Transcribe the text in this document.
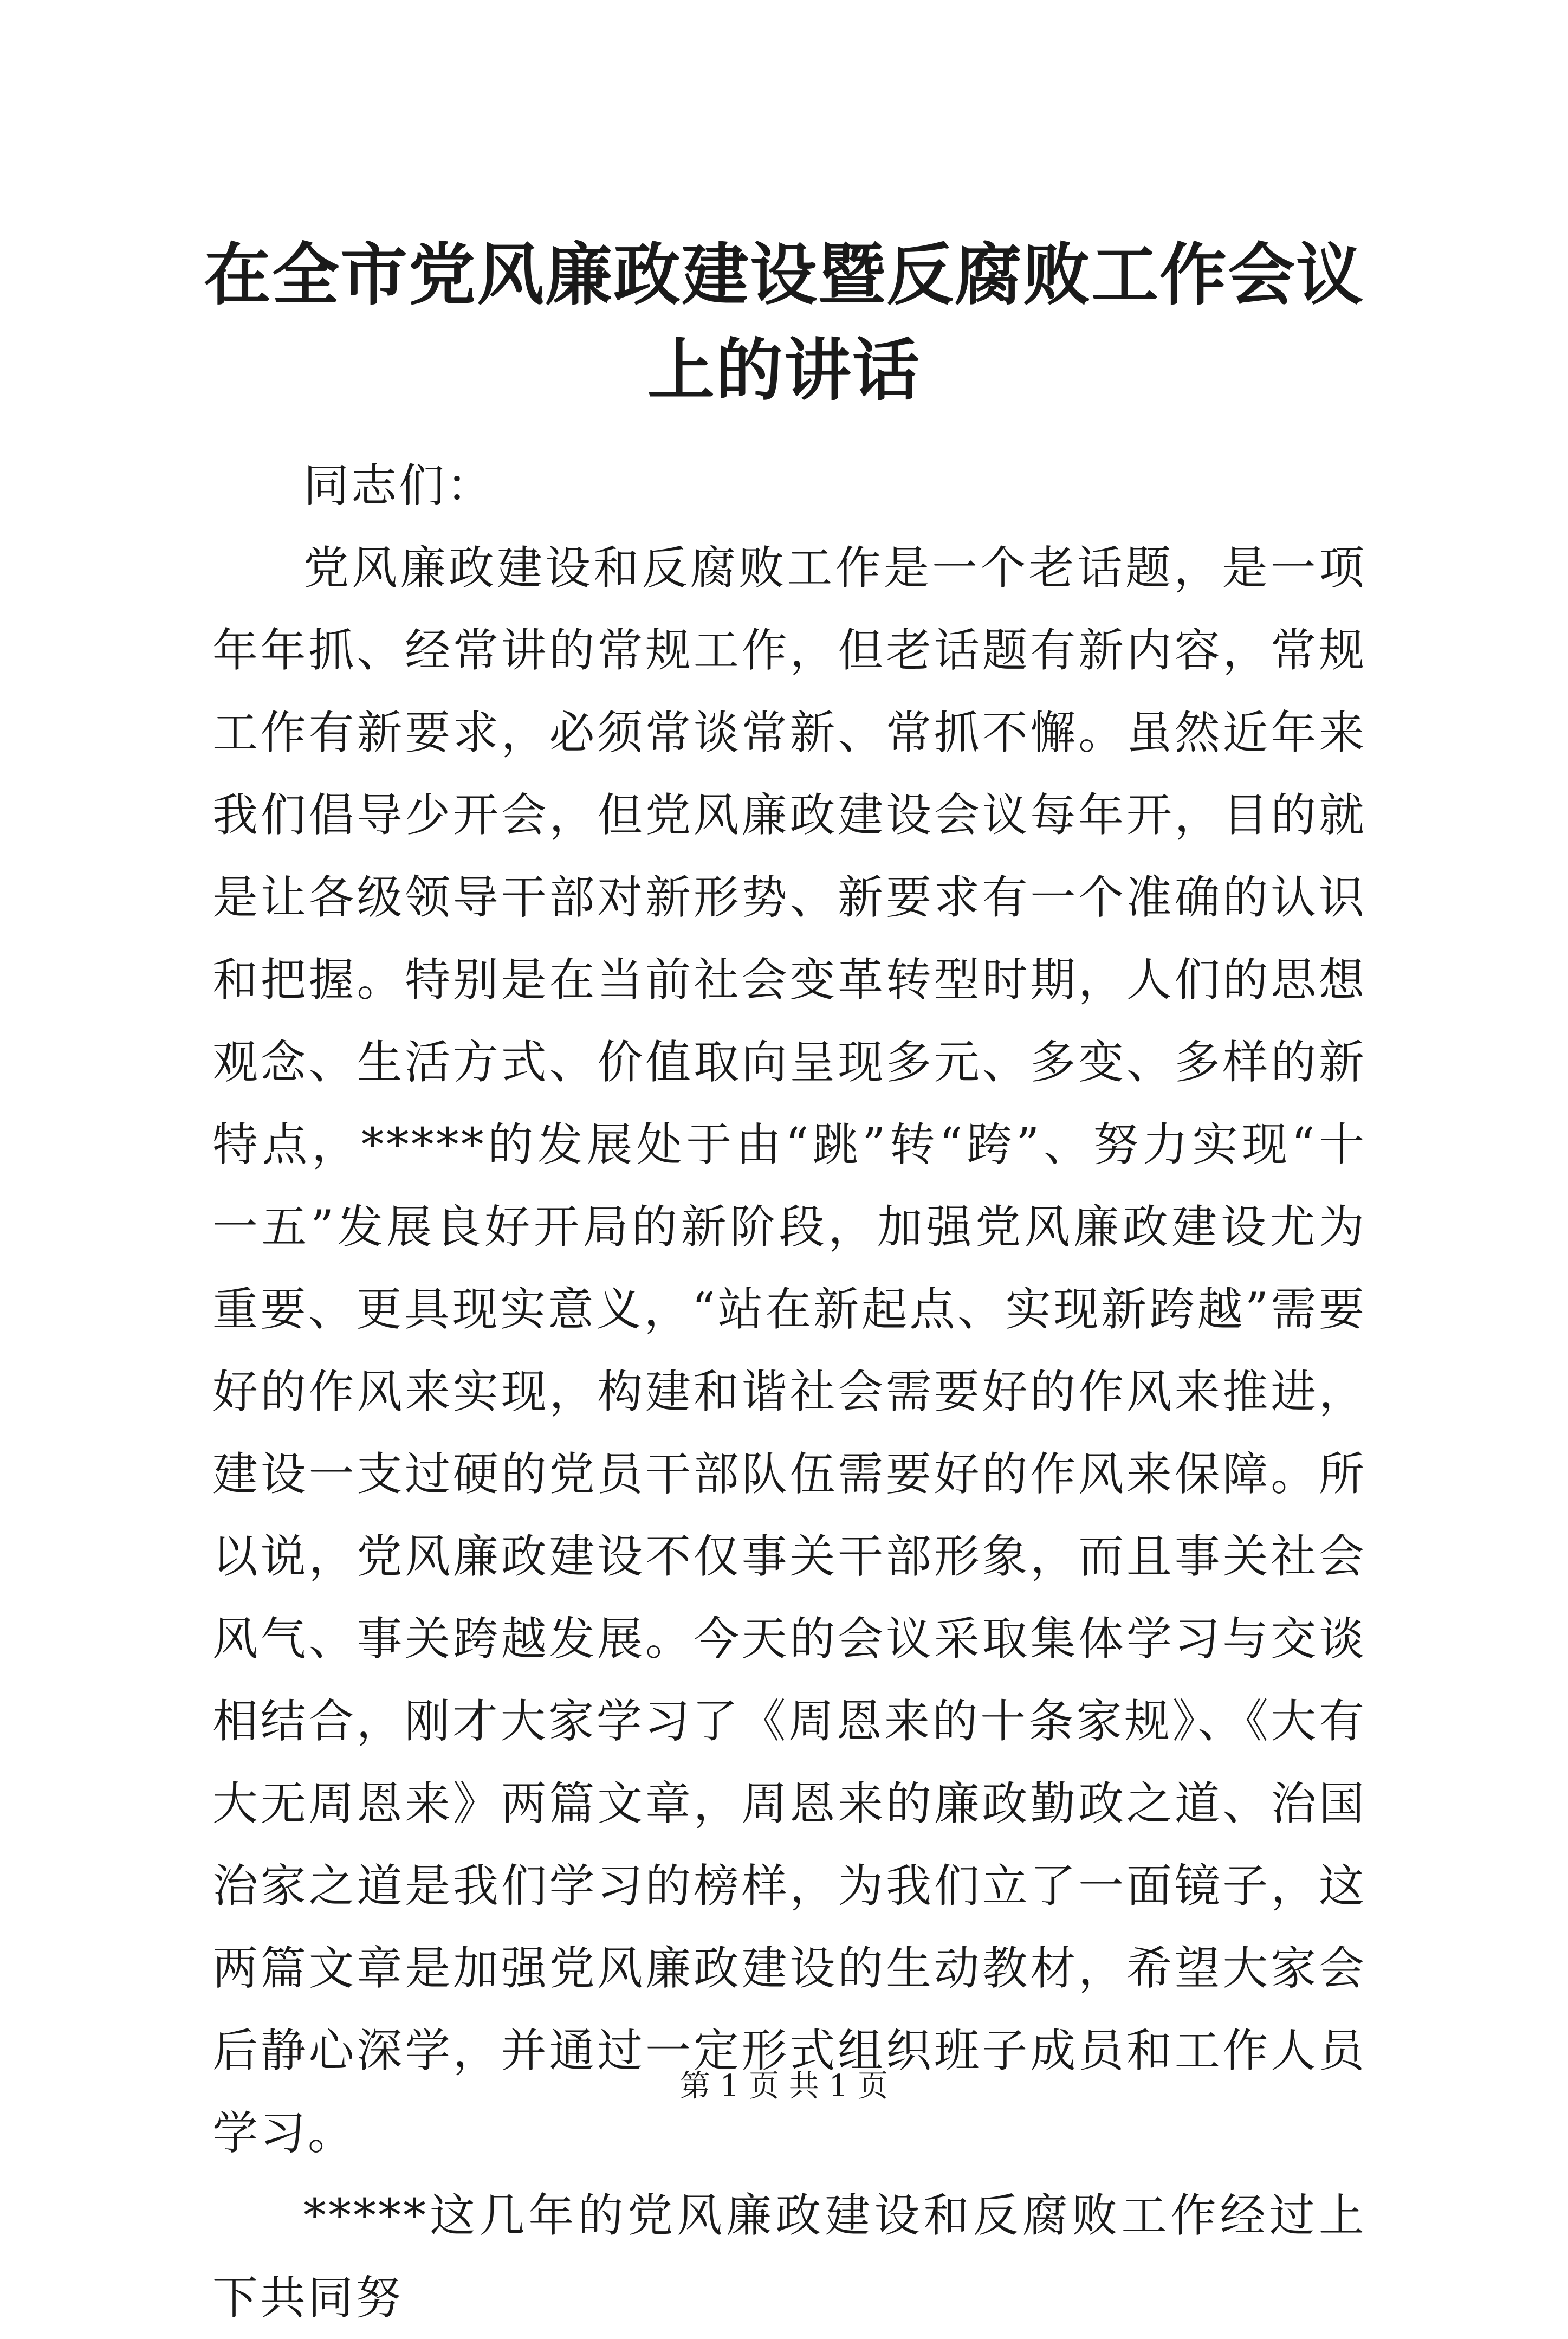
在全市党风廉政建设暨反腐败工作会议上的讲话

同志们：

党风廉政建设和反腐败工作是一个老话题，是一项年年抓、经常讲的常规工作，但老话题有新内容，常规工作有新要求，必须常谈常新、常抓不懈。虽然近年来我们倡导少开会，但党风廉政建设会议每年开，目的就是让各级领导干部对新形势、新要求有一个准确的认识和把握。特别是在当前社会变革转型时期，人们的思想观念、生活方式、价值取向呈现多元、多变、多样的新特点，*****的发展处于由“跳”转“跨”、努力实现“十一五”发展良好开局的新阶段，加强党风廉政建设尤为重要、更具现实意义，“站在新起点、实现新跨越”需要好的作风来实现，构建和谐社会需要好的作风来推进，建设一支过硬的党员干部队伍需要好的作风来保障。所以说，党风廉政建设不仅事关干部形象，而且事关社会风气、事关跨越发展。今天的会议采取集体学习与交谈相结合，刚才大家学习了《周恩来的十条家规》、《大有大无周恩来》两篇文章，周恩来的廉政勤政之道、治国治家之道是我们学习的榜样，为我们立了一面镜子，这两篇文章是加强党风廉政建设的生动教材，希望大家会后静心深学，并通过一定形式组织班子成员和工作人员学习。

*****这几年的党风廉政建设和反腐败工作经过上下共同努

第 1 页 共 1 页
